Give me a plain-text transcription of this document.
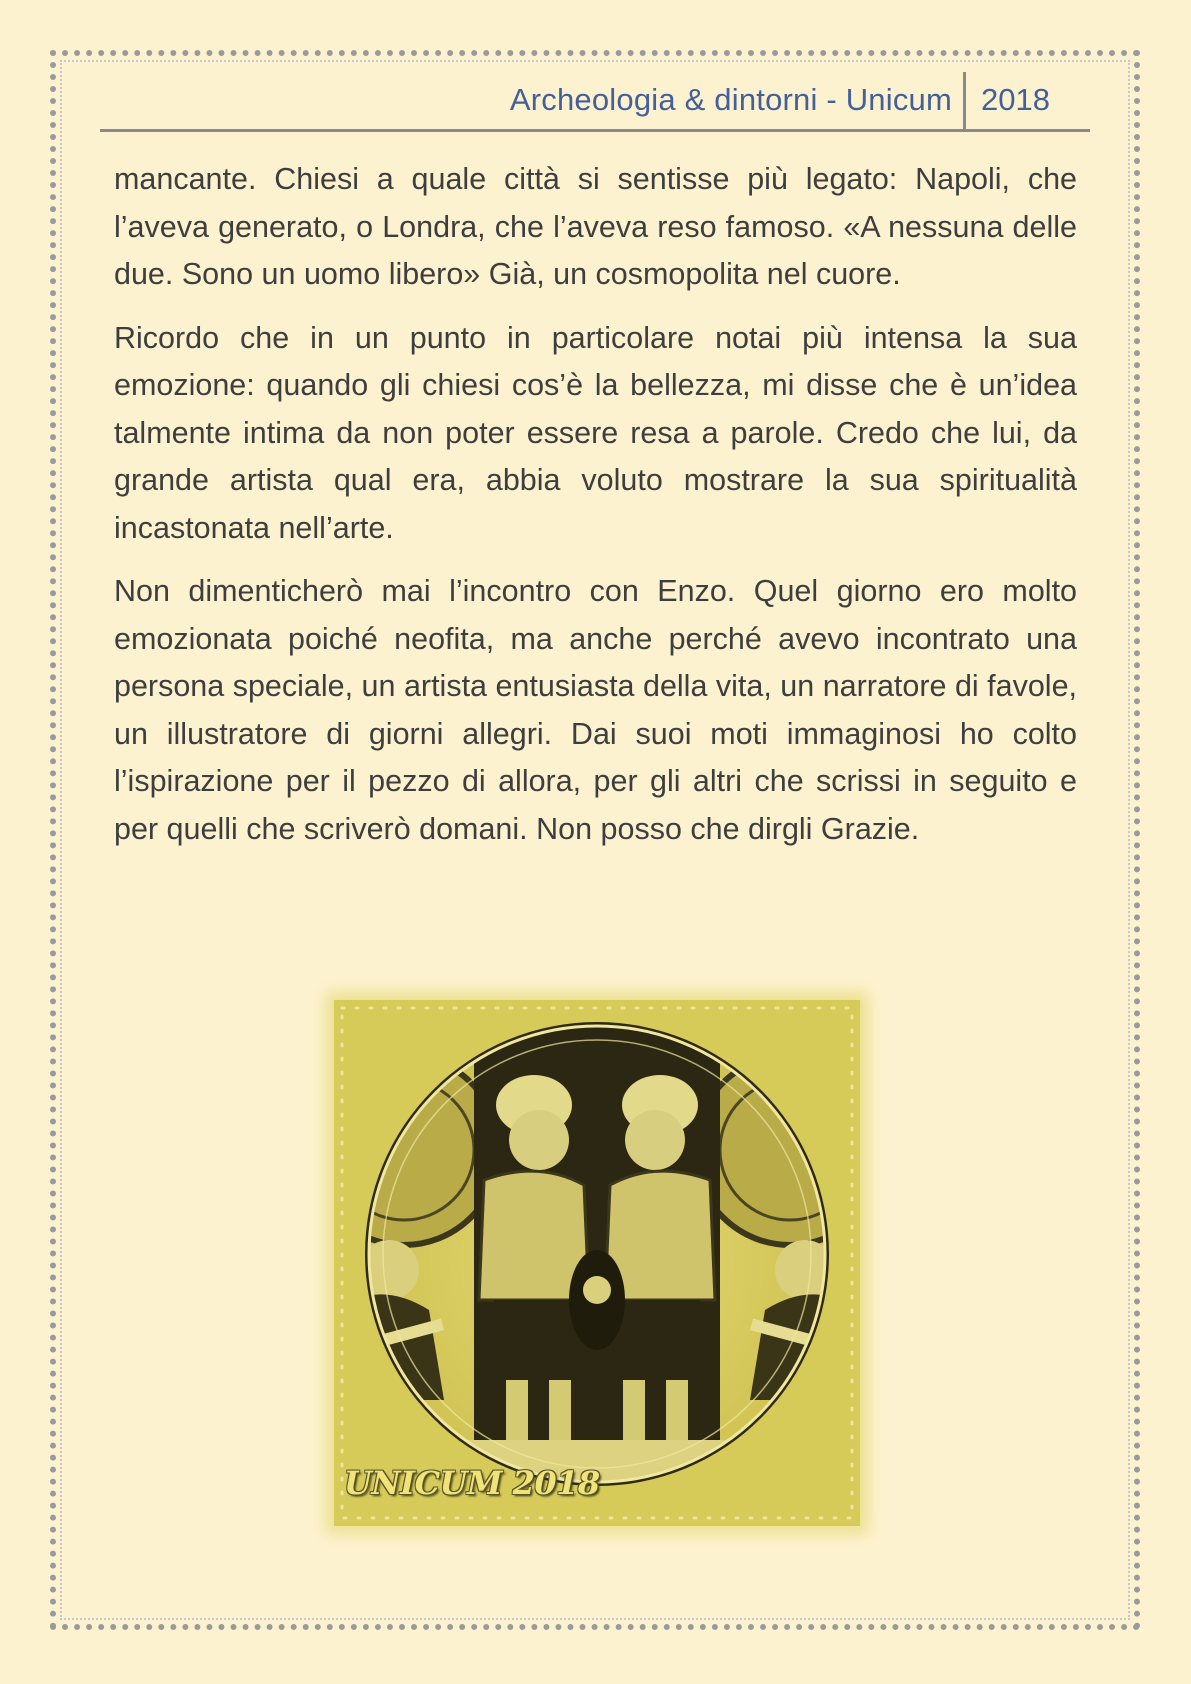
Archeologia & dintorni - Unicum 2018

mancante. Chiesi a quale città si sentisse più legato: Napoli, che l’aveva generato, o Londra, che l’aveva reso famoso. «A nessuna delle due. Sono un uomo libero» Già, un cosmopolita nel cuore.

Ricordo che in un punto in particolare notai più intensa la sua emozione: quando gli chiesi cos’è la bellezza, mi disse che è un’idea talmente intima da non poter essere resa a parole. Credo che lui, da grande artista qual era, abbia voluto mostrare la sua spiritualità incastonata nell’arte.

Non dimenticherò mai l’incontro con Enzo. Quel giorno ero molto emozionata poiché neofita, ma anche perché avevo incontrato una persona speciale, un artista entusiasta della vita, un narratore di favole, un illustratore di giorni allegri. Dai suoi moti immaginosi ho colto l’ispirazione per il pezzo di allora, per gli altri che scrissi in seguito e per quelli che scriverò domani. Non posso che dirgli Grazie.

UNICUM 2018
